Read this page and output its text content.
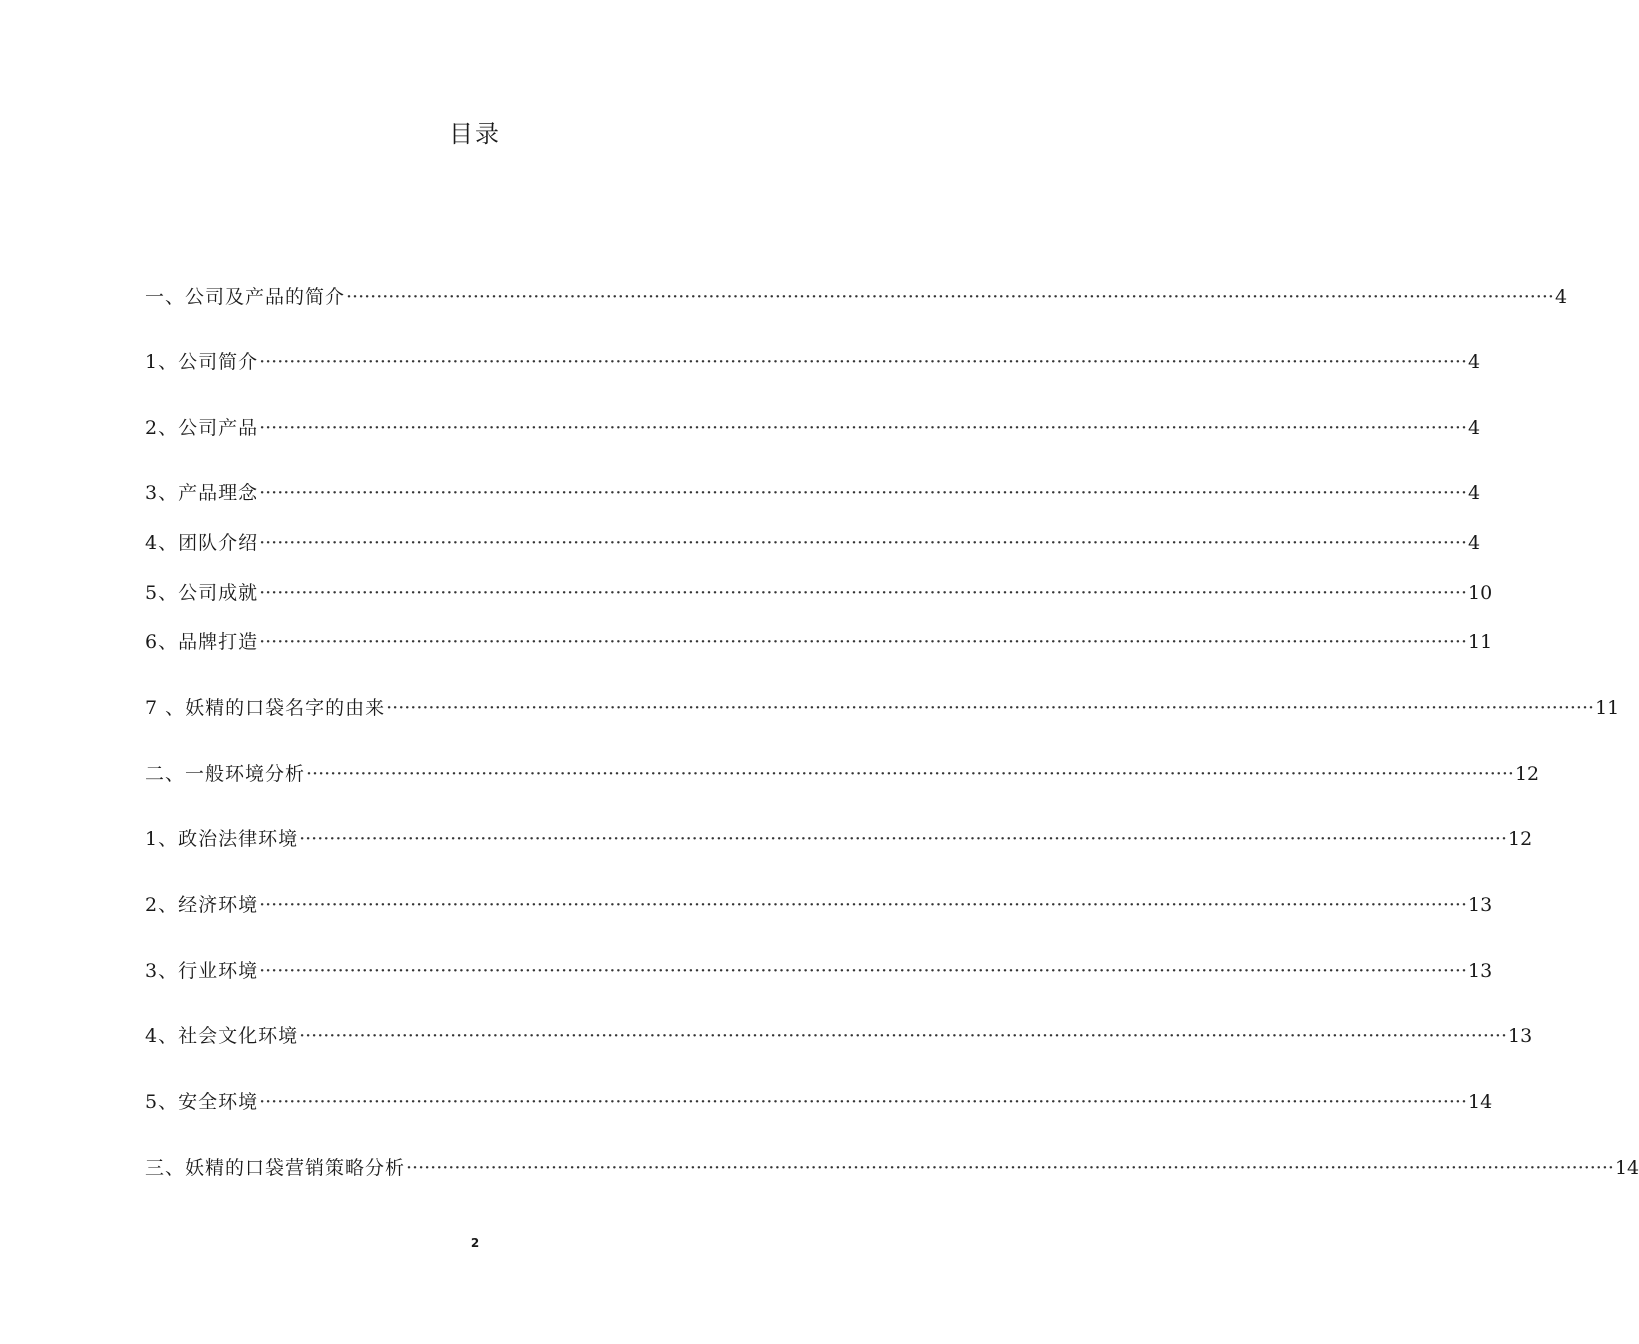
目录
一、公司及产品的简介 ········································································································································································································ 4
1、公司简介 ········································································································································································································ 4
2、公司产品 ········································································································································································································ 4
3、产品理念 ········································································································································································································ 4
4、团队介绍 ········································································································································································································ 4
5、公司成就 ········································································································································································································ 10
6、品牌打造 ········································································································································································································ 11
7 、妖精的口袋名字的由来 ········································································································································································································ 11
二、一般环境分析 ········································································································································································································ 12
1、政治法律环境 ········································································································································································································ 12
2、经济环境 ········································································································································································································ 13
3、行业环境 ········································································································································································································ 13
4、社会文化环境 ········································································································································································································ 13
5、安全环境 ········································································································································································································ 14
三、妖精的口袋营销策略分析 ········································································································································································································ 14
2
